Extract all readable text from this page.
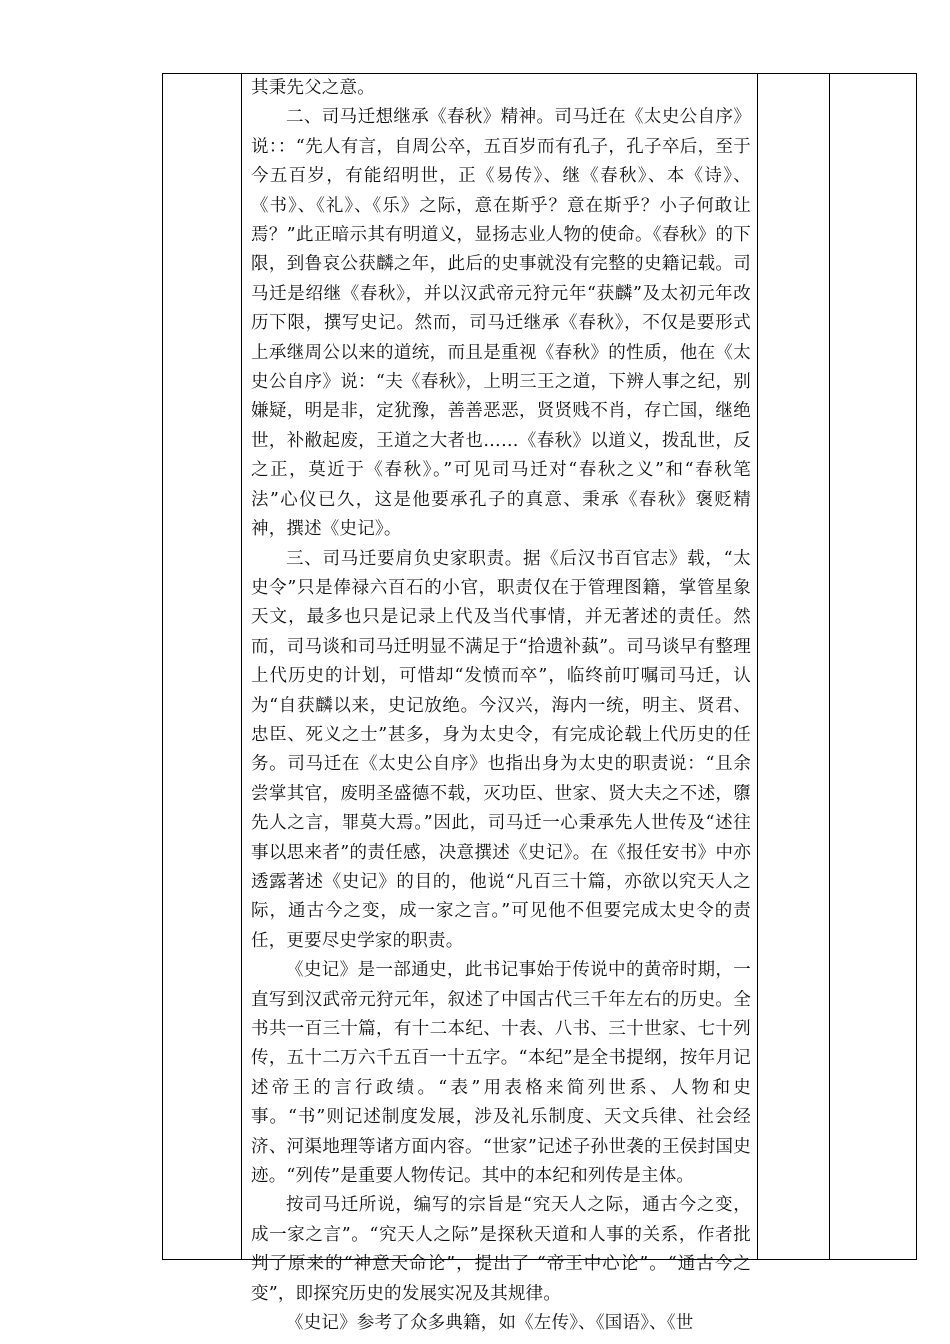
其秉先父之意。

二、司马迁想继承《春秋》精神。司马迁在《太史公自序》说：：“先人有言，自周公卒，五百岁而有孔子，孔子卒后，至于今五百岁，有能绍明世，正《易传》、继《春秋》、本《诗》、《书》、《礼》、《乐》之际，意在斯乎？意在斯乎？小子何敢让焉？”此正暗示其有明道义，显扬志业人物的使命。《春秋》的下限，到鲁哀公获麟之年，此后的史事就没有完整的史籍记载。司马迁是绍继《春秋》，并以汉武帝元狩元年“获麟”及太初元年改历下限，撰写史记。然而，司马迁继承《春秋》，不仅是要形式上承继周公以来的道统，而且是重视《春秋》的性质，他在《太史公自序》说：“夫《春秋》，上明三王之道，下辨人事之纪，别嫌疑，明是非，定犹豫，善善恶恶，贤贤贱不肖，存亡国，继绝世，补敝起废，王道之大者也……《春秋》以道义，拨乱世，反之正，莫近于《春秋》。”可见司马迁对“春秋之义”和“春秋笔法”心仪已久，这是他要承孔子的真意、秉承《春秋》褒贬精神，撰述《史记》。

三、司马迁要肩负史家职责。据《后汉书百官志》载，“太史令”只是俸禄六百石的小官，职责仅在于管理图籍，掌管星象天文，最多也只是记录上代及当代事情，并无著述的责任。然而，司马谈和司马迁明显不满足于“拾遗补蓺”。司马谈早有整理上代历史的计划，可惜却“发愤而卒”，临终前叮嘱司马迁，认为“自获麟以来，史记放绝。今汉兴，海内一统，明主、贤君、忠臣、死义之士”甚多，身为太史令，有完成论载上代历史的任务。司马迁在《太史公自序》也指出身为太史的职责说：“且余尝掌其官，废明圣盛德不载，灭功臣、世家、贤大夫之不述，隳先人之言，罪莫大焉。”因此，司马迁一心秉承先人世传及“述往事以思来者”的责任感，决意撰述《史记》。在《报任安书》中亦透露著述《史记》的目的，他说“凡百三十篇，亦欲以究天人之际，通古今之变，成一家之言。”可见他不但要完成太史令的责任，更要尽史学家的职责。

《史记》是一部通史，此书记事始于传说中的黄帝时期，一直写到汉武帝元狩元年，叙述了中国古代三千年左右的历史。全书共一百三十篇，有十二本纪、十表、八书、三十世家、七十列传，五十二万六千五百一十五字。“本纪”是全书提纲，按年月记述帝王的言行政绩。“表”用表格来简列世系、人物和史事。“书”则记述制度发展，涉及礼乐制度、天文兵律、社会经济、河渠地理等诸方面内容。“世家”记述子孙世袭的王侯封国史迹。“列传”是重要人物传记。其中的本纪和列传是主体。

按司马迁所说，编写的宗旨是“究天人之际，通古今之变，成一家之言”。“究天人之际”是探秋天道和人事的关系，作者批判了原来的“神意天命论”，提出了 “帝王中心论”。“通古今之变”，即探究历史的发展实况及其规律。

《史记》参考了众多典籍，如《左传》、《国语》、《世
